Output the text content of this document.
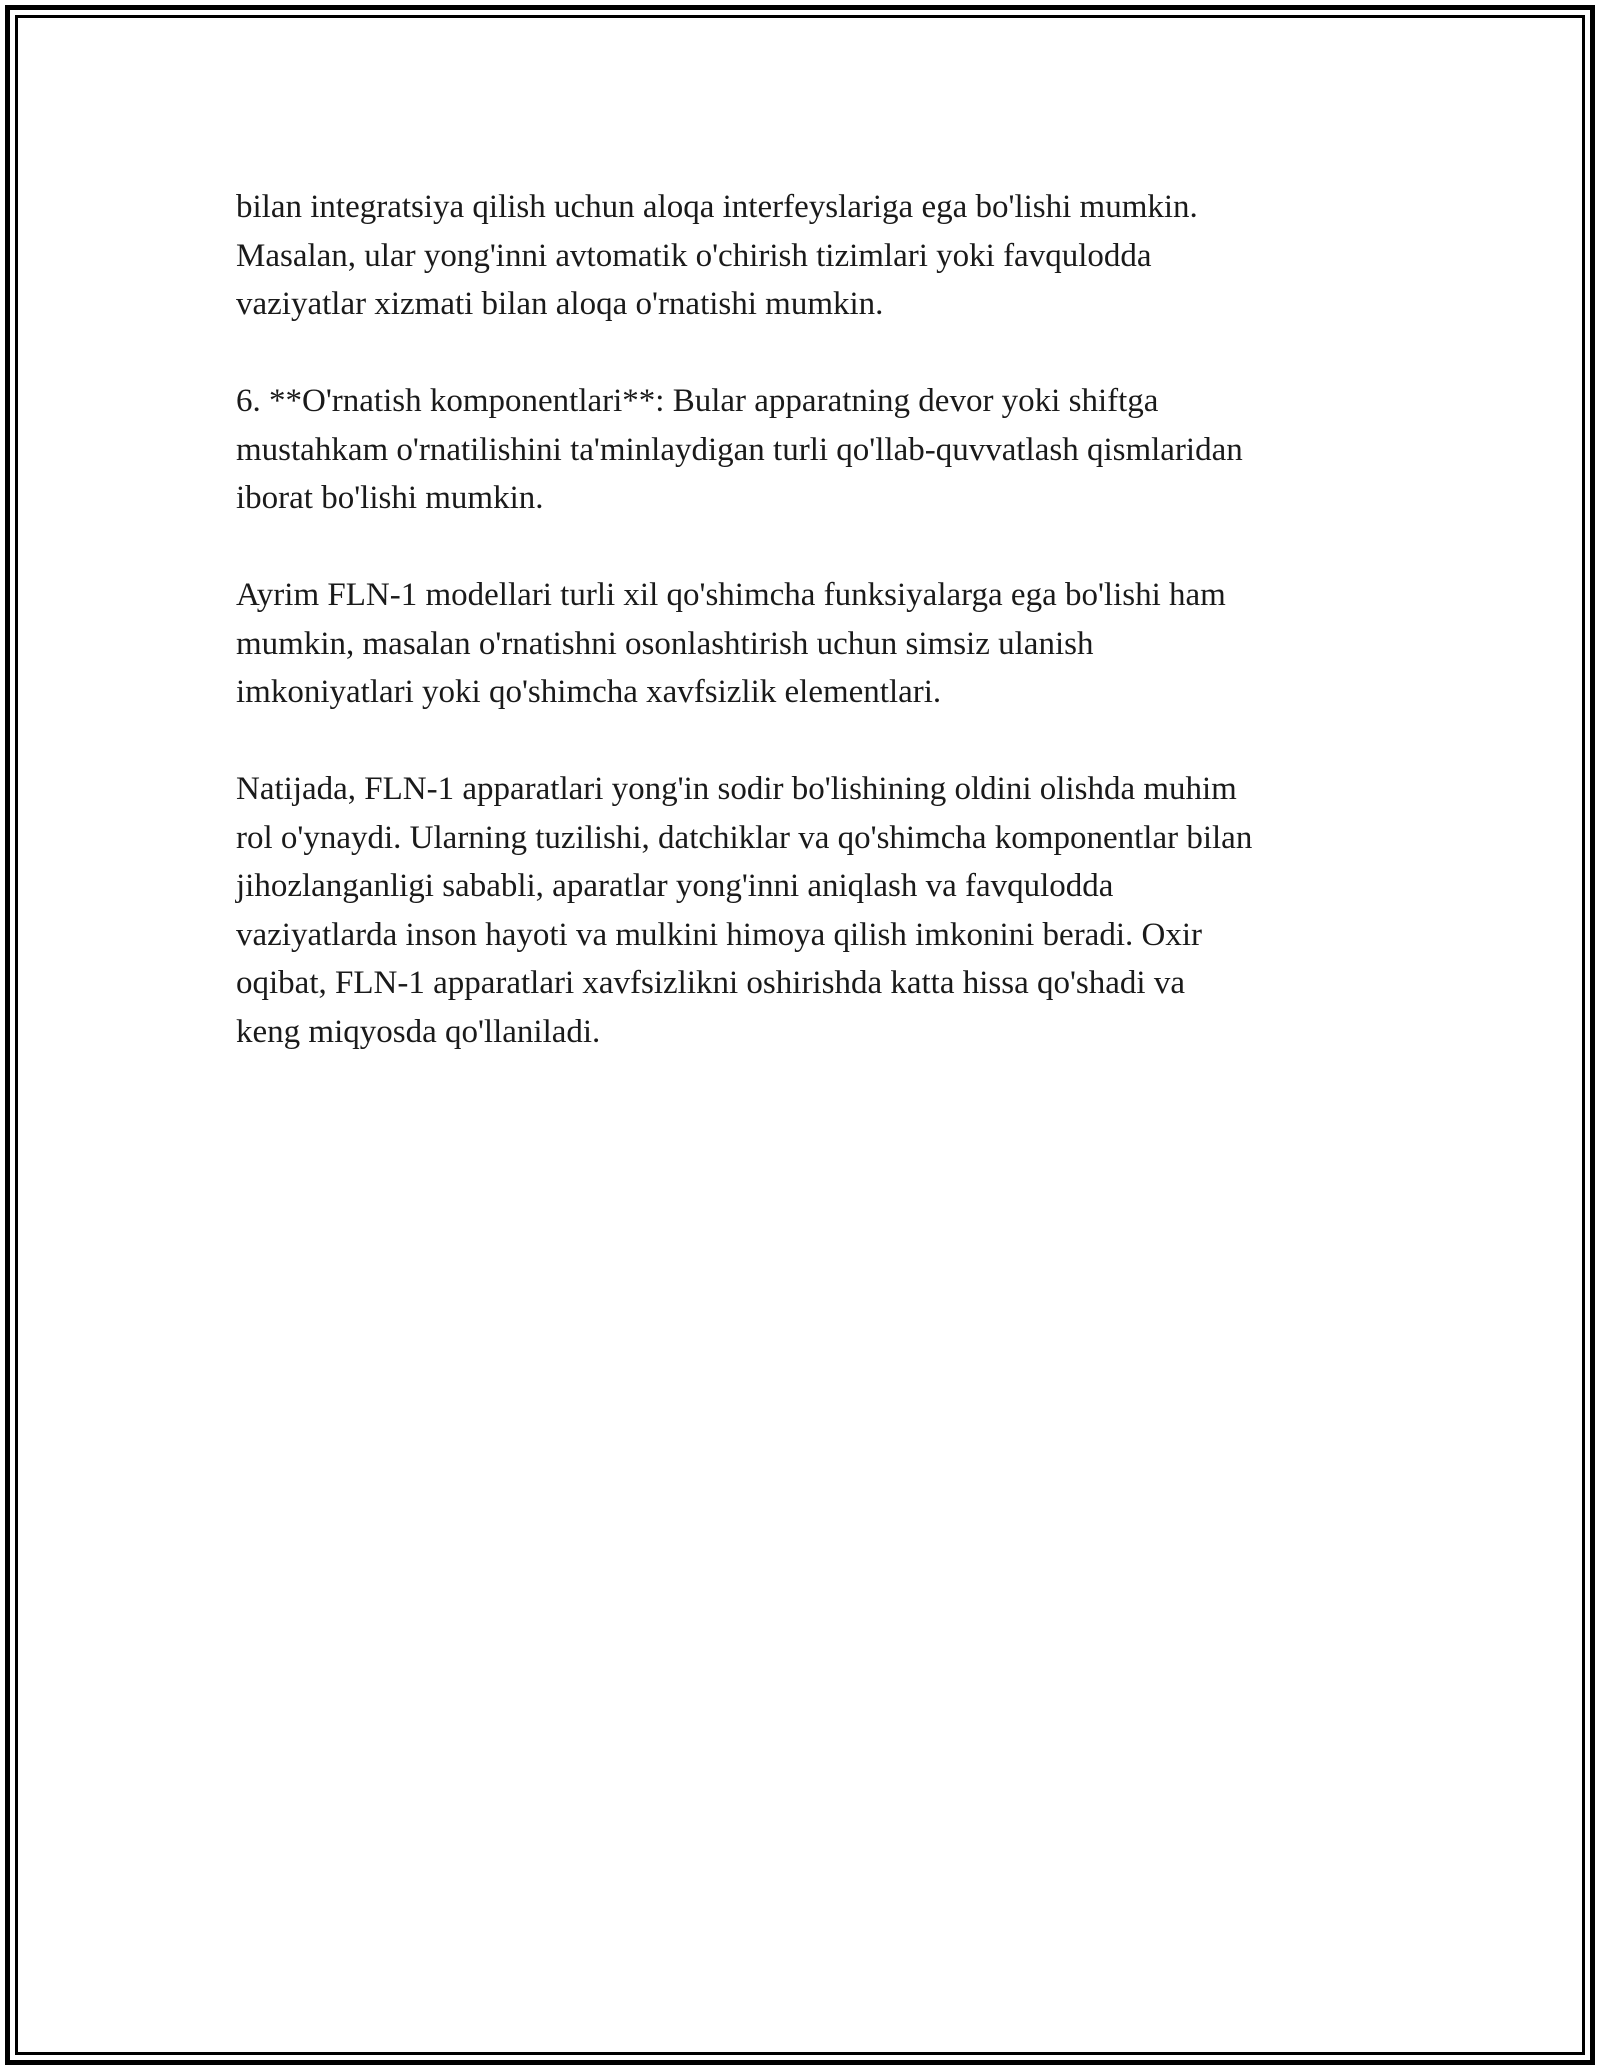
bilan integratsiya qilish uchun aloqa interfeyslariga ega bo'lishi mumkin.
Masalan, ular yong'inni avtomatik o'chirish tizimlari yoki favqulodda
vaziyatlar xizmati bilan aloqa o'rnatishi mumkin.

6. **O'rnatish komponentlari**: Bular apparatning devor yoki shiftga
mustahkam o'rnatilishini ta'minlaydigan turli qo'llab-quvvatlash qismlaridan
iborat bo'lishi mumkin.

Ayrim FLN-1 modellari turli xil qo'shimcha funksiyalarga ega bo'lishi ham
mumkin, masalan o'rnatishni osonlashtirish uchun simsiz ulanish
imkoniyatlari yoki qo'shimcha xavfsizlik elementlari.

Natijada, FLN-1 apparatlari yong'in sodir bo'lishining oldini olishda muhim
rol o'ynaydi. Ularning tuzilishi, datchiklar va qo'shimcha komponentlar bilan
jihozlanganligi sababli, aparatlar yong'inni aniqlash va favqulodda
vaziyatlarda inson hayoti va mulkini himoya qilish imkonini beradi. Oxir
oqibat, FLN-1 apparatlari xavfsizlikni oshirishda katta hissa qo'shadi va
keng miqyosda qo'llaniladi.
